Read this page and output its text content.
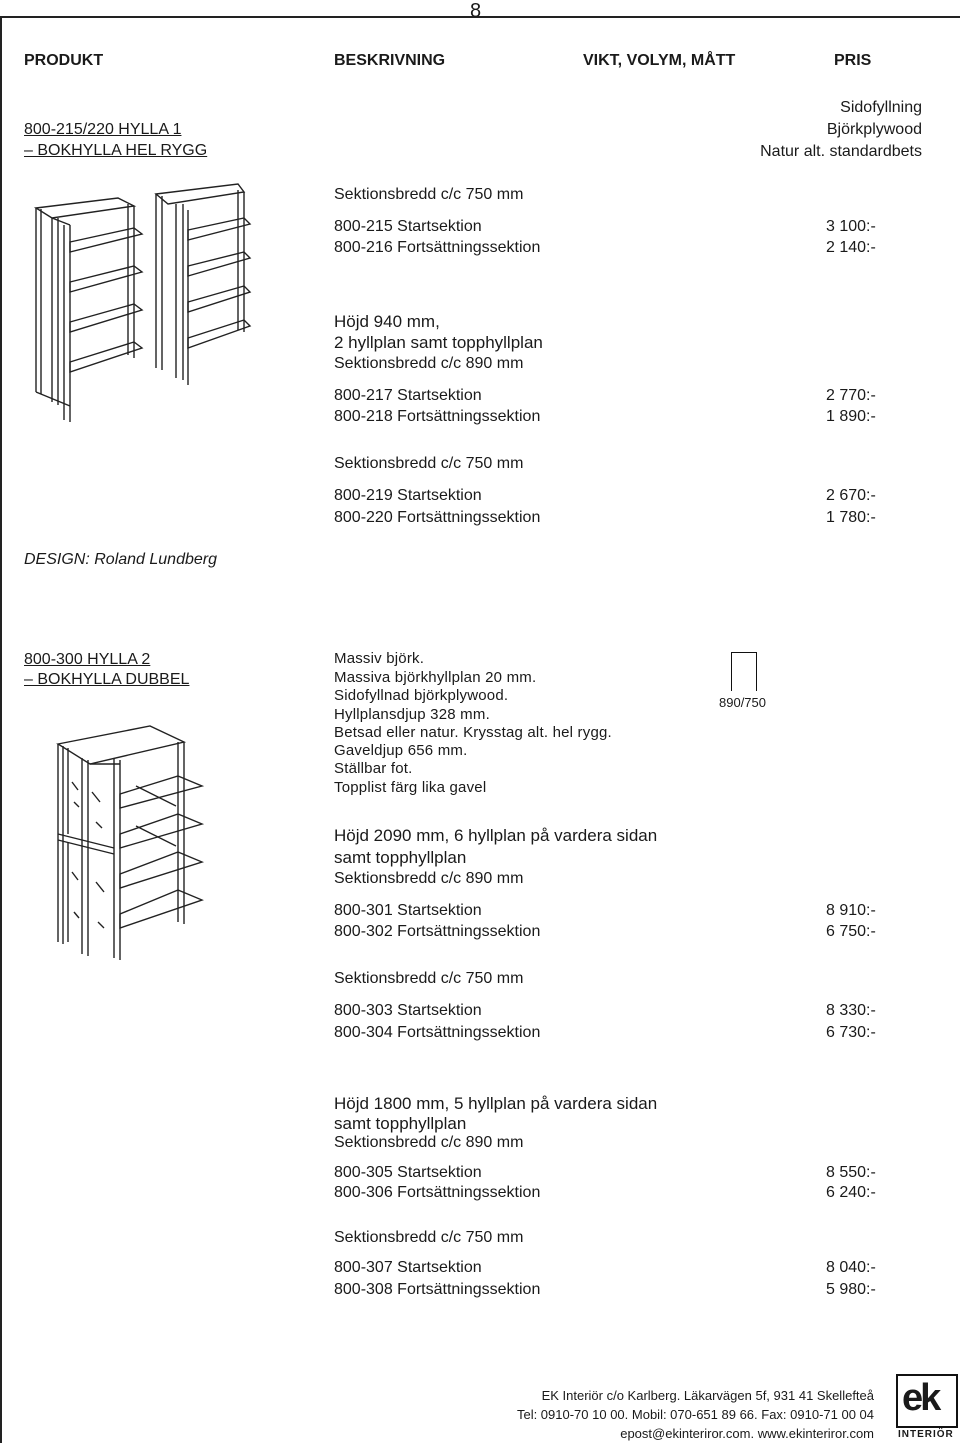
8
PRODUKT	BESKRIVNING	VIKT, VOLYM, MÅTT	PRIS
800-215/220 HYLLA 1
– BOKHYLLA HEL RYGG
Sidofyllning
Björkplywood
Natur alt. standardbets
Sektionsbredd c/c 750 mm
800-215 Startsektion	3 100:-
800-216 Fortsättningssektion	2 140:-
Höjd 940 mm,
2 hyllplan samt topphyllplan
Sektionsbredd c/c 890 mm
800-217 Startsektion	2 770:-
800-218 Fortsättningssektion	1 890:-
Sektionsbredd c/c 750 mm
800-219 Startsektion	2 670:-
800-220 Fortsättningssektion	1 780:-
DESIGN: Roland Lundberg
800-300 HYLLA 2
– BOKHYLLA DUBBEL
Massiv björk.
Massiva björkhyllplan 20 mm.
Sidofyllnad björkplywood.
Hyllplansdjup 328 mm.
Betsad eller natur. Krysstag alt. hel rygg.
Gaveldjup 656 mm.
Ställbar fot.
Topplist färg lika gavel
890/750
Höjd 2090 mm, 6 hyllplan på vardera sidan
samt topphyllplan
Sektionsbredd c/c 890 mm
800-301 Startsektion	8 910:-
800-302 Fortsättningssektion	6 750:-
Sektionsbredd c/c 750 mm
800-303 Startsektion	8 330:-
800-304 Fortsättningssektion	6 730:-
Höjd 1800 mm, 5 hyllplan på vardera sidan
samt topphyllplan
Sektionsbredd c/c 890 mm
800-305 Startsektion	8 550:-
800-306 Fortsättningssektion	6 240:-
Sektionsbredd c/c 750 mm
800-307 Startsektion	8 040:-
800-308 Fortsättningssektion	5 980:-
EK Interiör c/o Karlberg. Läkarvägen 5f, 931 41 Skellefteå
Tel: 0910-70 10 00. Mobil: 070-651 89 66. Fax: 0910-71 00 04
epost@ekinteriror.com. www.ekinteriror.com
ek
INTERIÖR
